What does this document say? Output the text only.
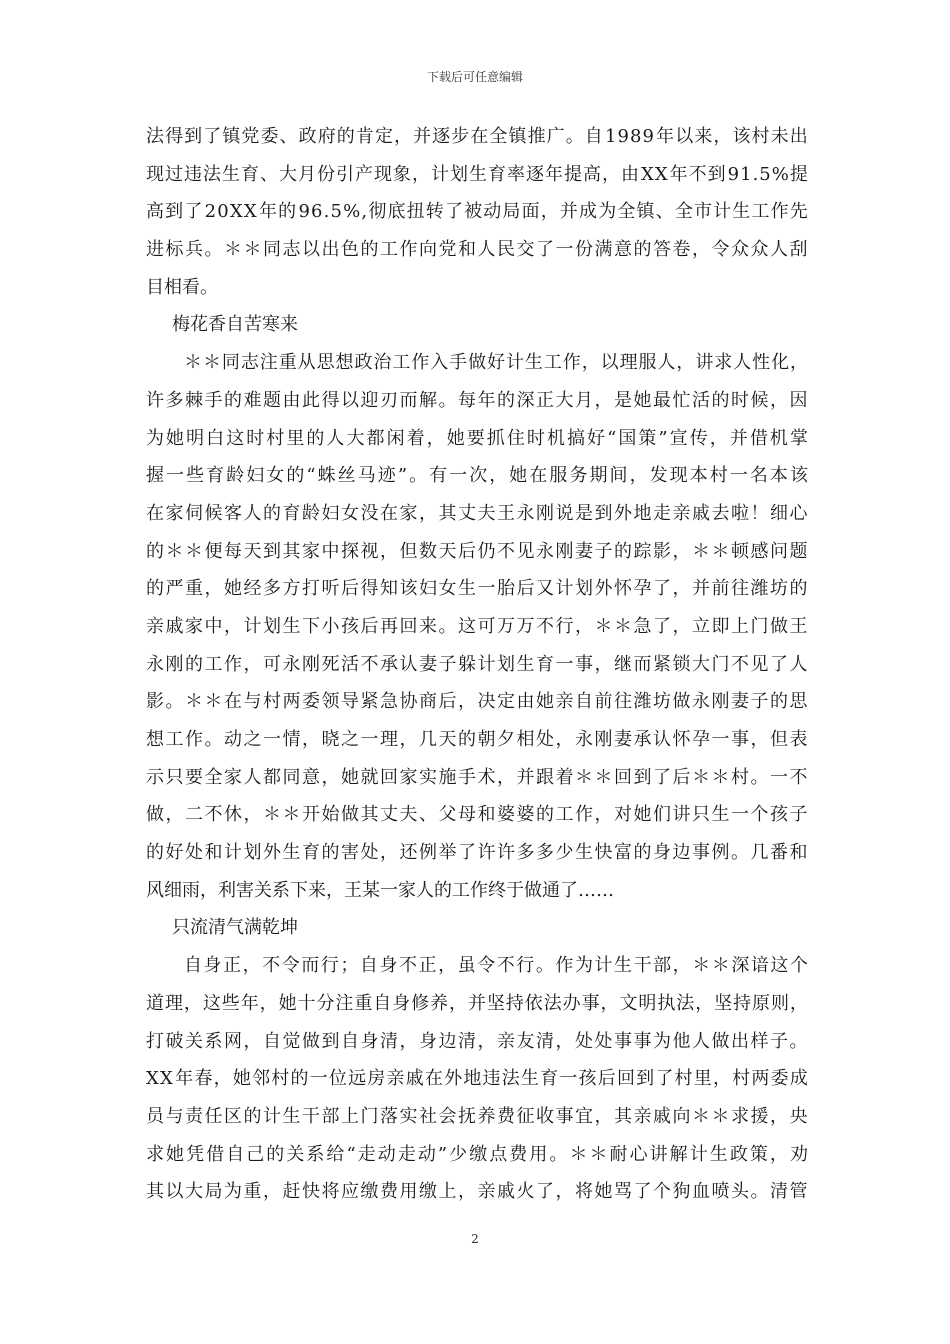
下载后可任意编辑
法 得 到 了 镇 党 委 、 政 府 的 肯 定 ， 并 逐 步 在 全 镇 推 广 。 自 1 9 8 9 年 以 来 ， 该 村 未 出
现 过 违 法 生 育 、 大 月 份 引 产 现 象 ， 计 划 生 育 率 逐 年 提 高 ， 由 X X 年 不 到 9 1 . 5 % 提
高 到 了 2 0 X X 年 的 9 6 . 5 % , 彻 底 扭 转 了 被 动 局 面 ， 并 成 为 全 镇 、 全 市 计 生 工 作 先
进 标 兵 。 ＊ ＊ 同 志 以 出 色 的 工 作 向 党 和 人 民 交 了 一 份 满 意 的 答 卷 ， 令 众 众 人 刮
目相看。
梅花香自苦寒来
＊ ＊ 同 志 注 重 从 思 想 政 治 工 作 入 手 做 好 计 生 工 作 ， 以 理 服 人 ， 讲 求 人 性 化 ，
许 多 棘 手 的 难 题 由 此 得 以 迎 刃 而 解 。 每 年 的 深 正 大 月 ， 是 她 最 忙 活 的 时 候 ， 因
为 她 明 白 这 时 村 里 的 人 大 都 闲 着 ， 她 要 抓 住 时 机 搞 好 “ 国 策 ” 宣 传 ， 并 借 机 掌
握 一 些 育 龄 妇 女 的 “ 蛛 丝 马 迹 ” 。 有 一 次 ， 她 在 服 务 期 间 ， 发 现 本 村 一 名 本 该
在 家 伺 候 客 人 的 育 龄 妇 女 没 在 家 ， 其 丈 夫 王 永 刚 说 是 到 外 地 走 亲 戚 去 啦 ！ 细 心
的 ＊ ＊ 便 每 天 到 其 家 中 探 视 ， 但 数 天 后 仍 不 见 永 刚 妻 子 的 踪 影 ， ＊ ＊ 顿 感 问 题
的 严 重 ， 她 经 多 方 打 听 后 得 知 该 妇 女 生 一 胎 后 又 计 划 外 怀 孕 了 ， 并 前 往 潍 坊 的
亲 戚 家 中 ， 计 划 生 下 小 孩 后 再 回 来 。 这 可 万 万 不 行 ， ＊ ＊ 急 了 ， 立 即 上 门 做 王
永 刚 的 工 作 ， 可 永 刚 死 活 不 承 认 妻 子 躲 计 划 生 育 一 事 ， 继 而 紧 锁 大 门 不 见 了 人
影 。 ＊ ＊ 在 与 村 两 委 领 导 紧 急 协 商 后 ， 决 定 由 她 亲 自 前 往 潍 坊 做 永 刚 妻 子 的 思
想 工 作 。 动 之 一 情 ， 晓 之 一 理 ， 几 天 的 朝 夕 相 处 ， 永 刚 妻 承 认 怀 孕 一 事 ， 但 表
示 只 要 全 家 人 都 同 意 ， 她 就 回 家 实 施 手 术 ， 并 跟 着 ＊ ＊ 回 到 了 后 ＊ ＊ 村 。 一 不
做 ， 二 不 休 ， ＊ ＊ 开 始 做 其 丈 夫 、 父 母 和 婆 婆 的 工 作 ， 对 她 们 讲 只 生 一 个 孩 子
的 好 处 和 计 划 外 生 育 的 害 处 ， 还 例 举 了 许 许 多 多 少 生 快 富 的 身 边 事 例 。 几 番 和
风细雨，利害关系下来，王某一家人的工作终于做通了……
只流清气满乾坤
自 身 正 ， 不 令 而 行 ； 自 身 不 正 ， 虽 令 不 行 。 作 为 计 生 干 部 ， ＊ ＊ 深 谙 这 个
道 理 ， 这 些 年 ， 她 十 分 注 重 自 身 修 养 ， 并 坚 持 依 法 办 事 ， 文 明 执 法 ， 坚 持 原 则 ，
打 破 关 系 网 ， 自 觉 做 到 自 身 清 ， 身 边 清 ， 亲 友 清 ， 处 处 事 事 为 他 人 做 出 样 子 。
X X 年 春 ， 她 邻 村 的 一 位 远 房 亲 戚 在 外 地 违 法 生 育 一 孩 后 回 到 了 村 里 ， 村 两 委 成
员 与 责 任 区 的 计 生 干 部 上 门 落 实 社 会 抚 养 费 征 收 事 宜 ， 其 亲 戚 向 ＊ ＊ 求 援 ， 央
求 她 凭 借 自 己 的 关 系 给 “ 走 动 走 动 ” 少 缴 点 费 用 。 ＊ ＊ 耐 心 讲 解 计 生 政 策 ， 劝
其 以 大 局 为 重 ， 赶 快 将 应 缴 费 用 缴 上 ， 亲 戚 火 了 ， 将 她 骂 了 个 狗 血 喷 头 。 清 管
2
